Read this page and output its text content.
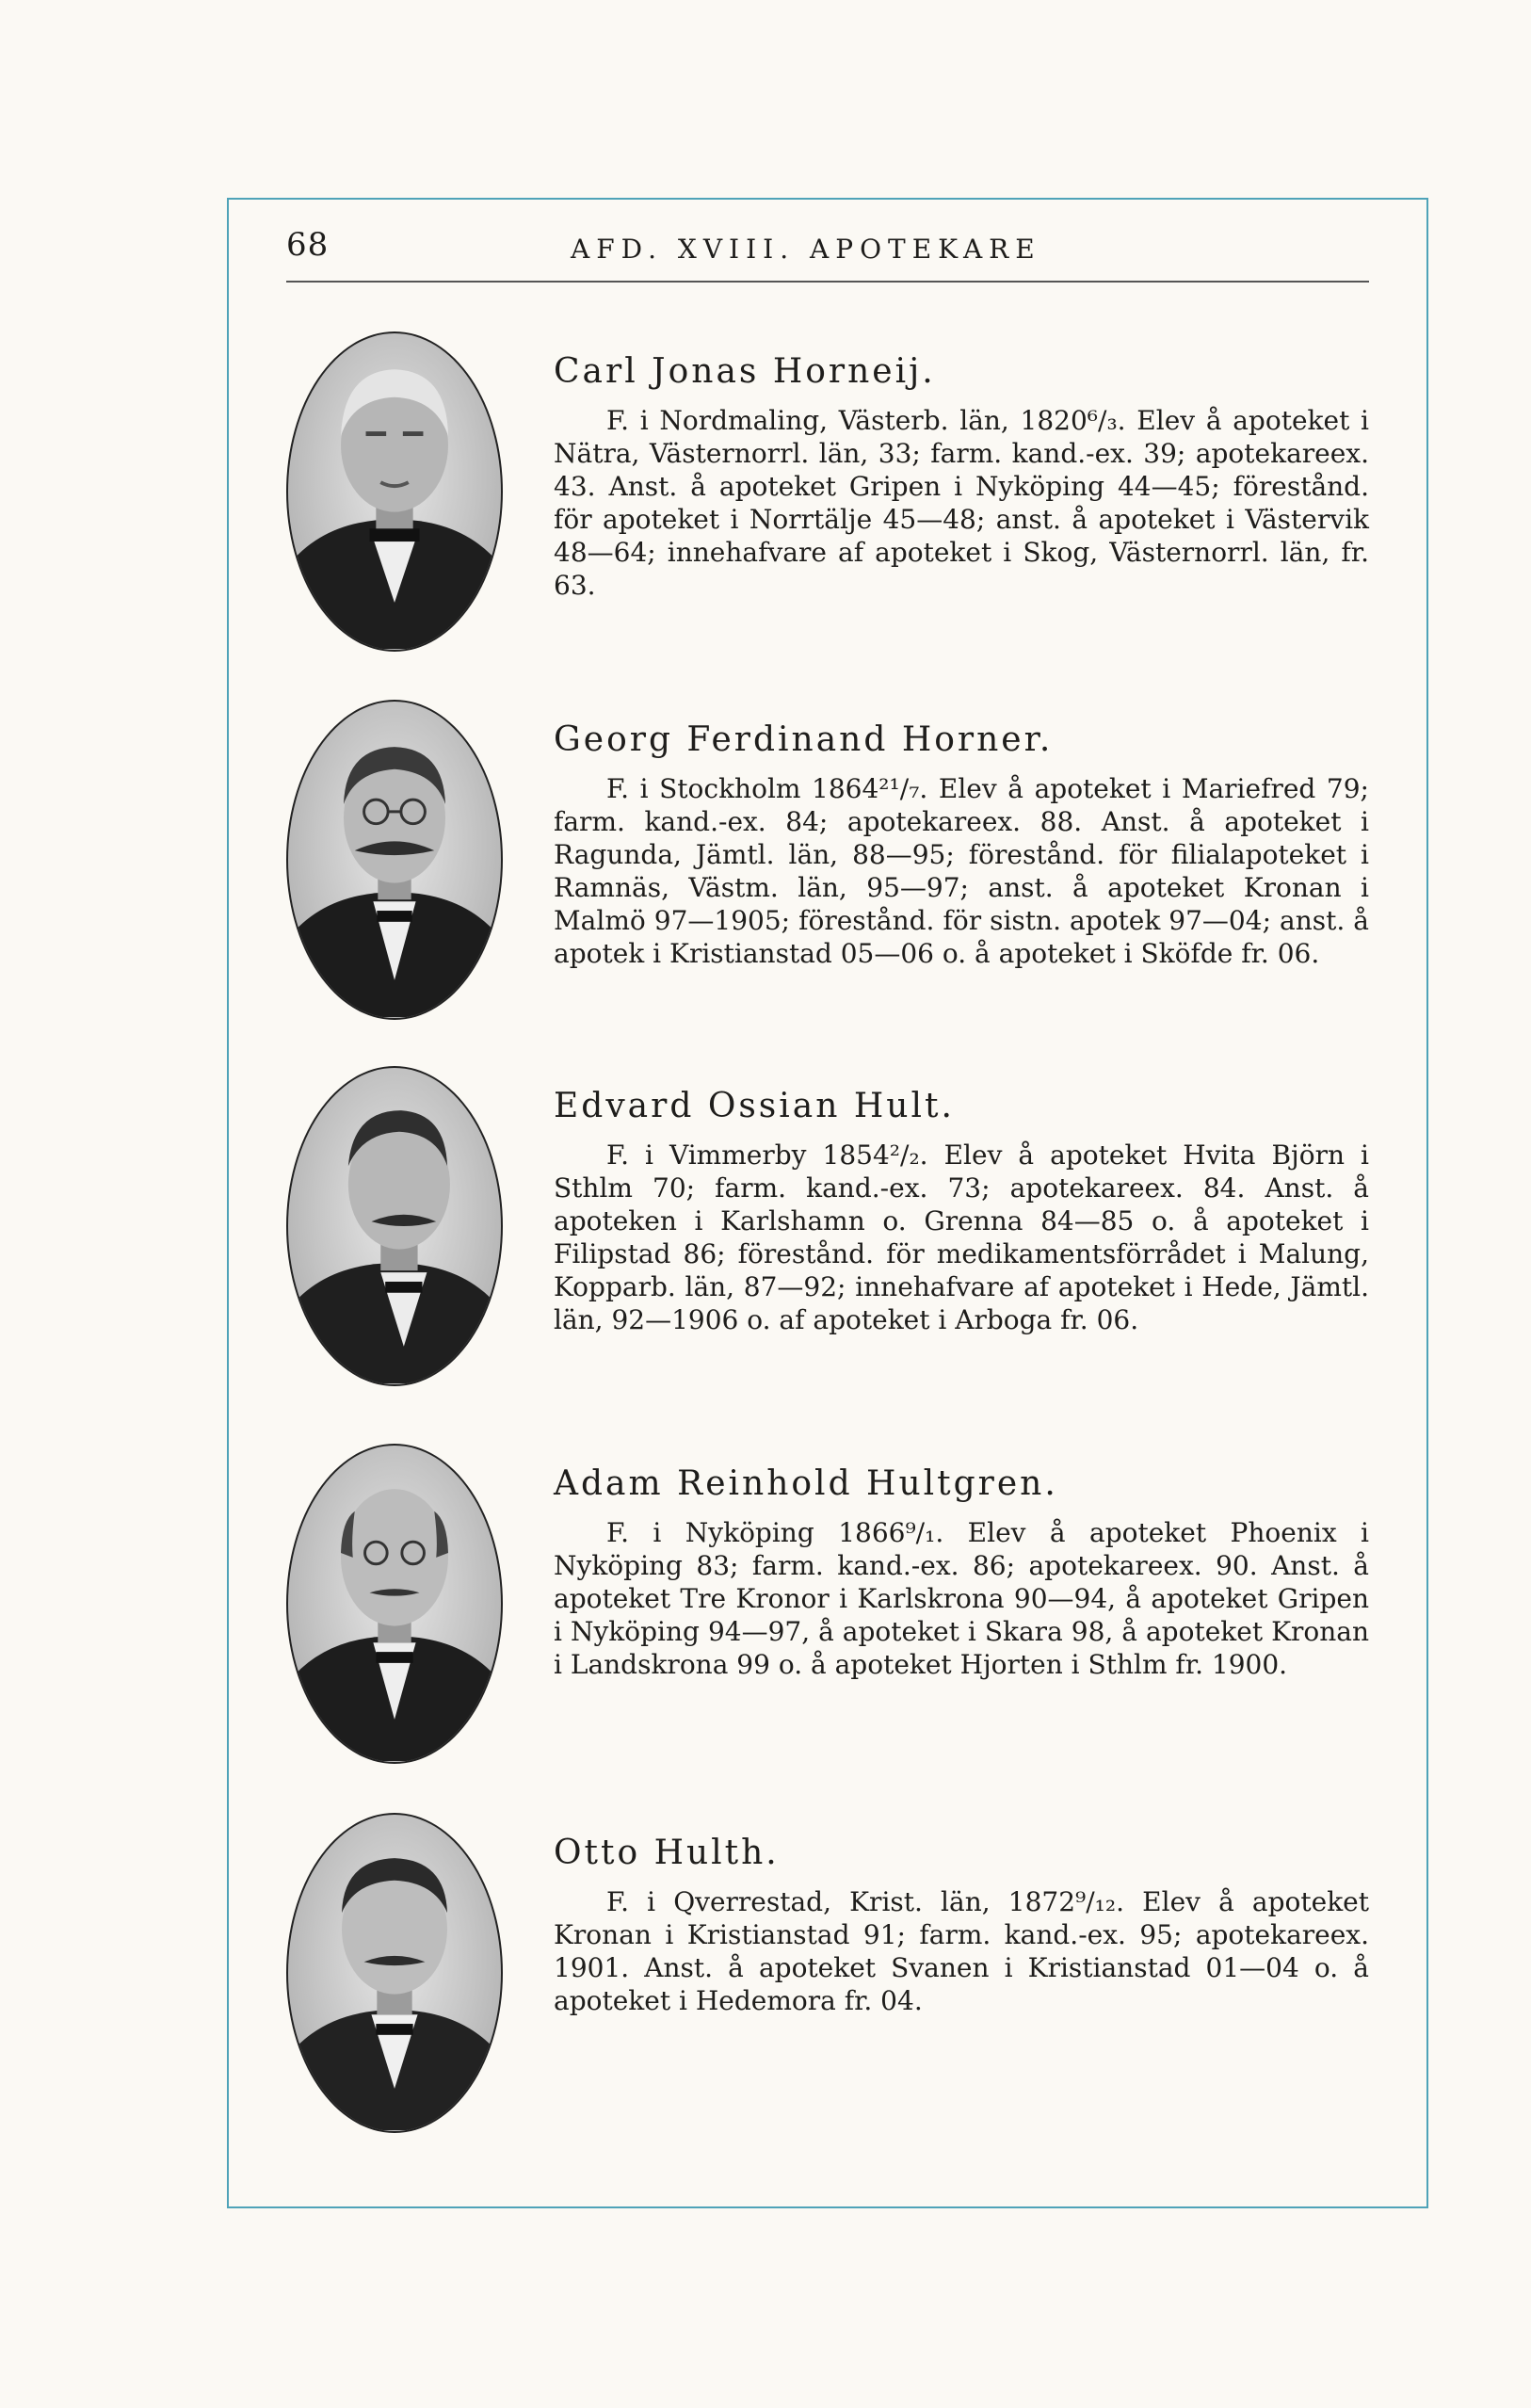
68	AFD. XVIII. APOTEKARE
Carl Jonas Horneij.

F. i Nordmaling, Västerb. län, 1820⁶/₃. Elev å apoteket i Nätra, Västernorrl. län, 33; farm. kand.-ex. 39; apotekareex. 43. Anst. å apoteket Gripen i Nyköping 44—45; förestånd. för apoteket i Norrtälje 45—48; anst. å apoteket i Västervik 48—64; innehafvare af apoteket i Skog, Västernorrl. län, fr. 63.

Georg Ferdinand Horner.

F. i Stockholm 1864²¹/₇. Elev å apoteket i Mariefred 79; farm. kand.-ex. 84; apotekareex. 88. Anst. å apoteket i Ragunda, Jämtl. län, 88—95; förestånd. för filialapoteket i Ramnäs, Västm. län, 95—97; anst. å apoteket Kronan i Malmö 97—1905; förestånd. för sistn. apotek 97—04; anst. å apotek i Kristianstad 05—06 o. å apoteket i Sköfde fr. 06.

Edvard Ossian Hult.

F. i Vimmerby 1854²/₂. Elev å apoteket Hvita Björn i Sthlm 70; farm. kand.-ex. 73; apotekareex. 84. Anst. å apoteken i Karlshamn o. Grenna 84—85 o. å apoteket i Filipstad 86; förestånd. för medikamentsförrådet i Malung, Kopparb. län, 87—92; innehafvare af apoteket i Hede, Jämtl. län, 92—1906 o. af apoteket i Arboga fr. 06.

Adam Reinhold Hultgren.

F. i Nyköping 1866⁹/₁. Elev å apoteket Phoenix i Nyköping 83; farm. kand.-ex. 86; apotekareex. 90. Anst. å apoteket Tre Kronor i Karlskrona 90—94, å apoteket Gripen i Nyköping 94—97, å apoteket i Skara 98, å apoteket Kronan i Landskrona 99 o. å apoteket Hjorten i Sthlm fr. 1900.

Otto Hulth.

F. i Qverrestad, Krist. län, 1872⁹/₁₂. Elev å apoteket Kronan i Kristianstad 91; farm. kand.-ex. 95; apotekareex. 1901. Anst. å apoteket Svanen i Kristianstad 01—04 o. å apoteket i Hedemora fr. 04.
